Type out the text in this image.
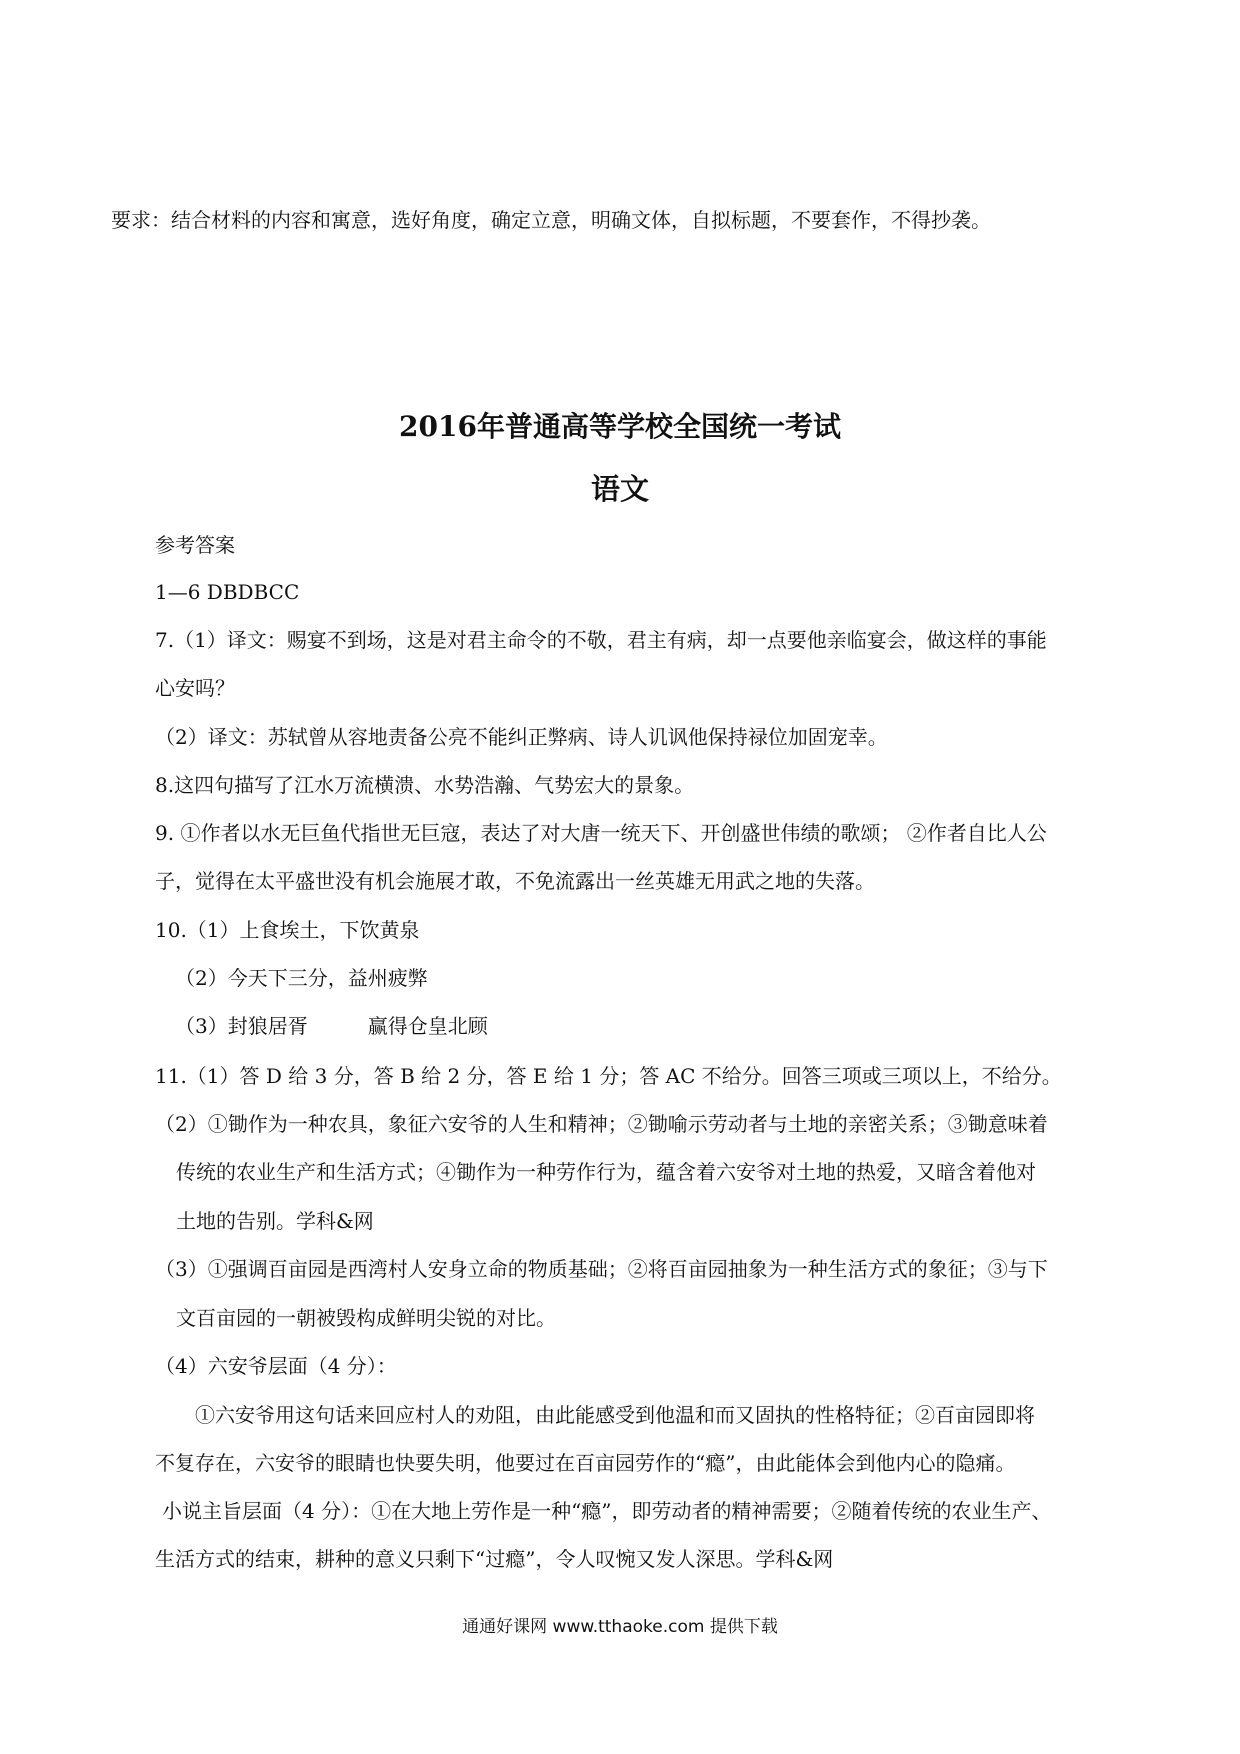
要求：结合材料的内容和寓意，选好角度，确定立意，明确文体，自拟标题，不要套作，不得抄袭。
2016年普通高等学校全国统一考试
语文
参考答案
1—6 DBDBCC
7.（1）译文：赐宴不到场，这是对君主命令的不敬，君主有病，却一点要他亲临宴会，做这样的事能
心安吗？
（2）译文：苏轼曾从容地责备公亮不能纠正弊病、诗人讥讽他保持禄位加固宠幸。
8.这四句描写了江水万流横溃、水势浩瀚、气势宏大的景象。
9. ①作者以水无巨鱼代指世无巨寇，表达了对大唐一统天下、开创盛世伟绩的歌颂； ②作者自比人公
子，觉得在太平盛世没有机会施展才敢，不免流露出一丝英雄无用武之地的失落。
10.（1）上食埃土，下饮黄泉
（2）今天下三分，益州疲弊
（3）封狼居胥　　　赢得仓皇北顾
11.（1）答 D 给 3 分，答 B 给 2 分，答 E 给 1 分；答 AC 不给分。回答三项或三项以上，不给分。
（2）①锄作为一种农具，象征六安爷的人生和精神；②锄喻示劳动者与土地的亲密关系；③锄意味着
传统的农业生产和生活方式；④锄作为一种劳作行为，蕴含着六安爷对土地的热爱，又暗含着他对
土地的告别。学科&网
（3）①强调百亩园是西湾村人安身立命的物质基础；②将百亩园抽象为一种生活方式的象征；③与下
文百亩园的一朝被毁构成鲜明尖锐的对比。
（4）六安爷层面（4 分）：
①六安爷用这句话来回应村人的劝阻，由此能感受到他温和而又固执的性格特征；②百亩园即将
不复存在，六安爷的眼睛也快要失明，他要过在百亩园劳作的“瘾”，由此能体会到他内心的隐痛。
小说主旨层面（4 分）：①在大地上劳作是一种“瘾”，即劳动者的精神需要；②随着传统的农业生产、
生活方式的结束，耕种的意义只剩下“过瘾”，令人叹惋又发人深思。学科&网
通通好课网 www.tthaoke.com 提供下载
